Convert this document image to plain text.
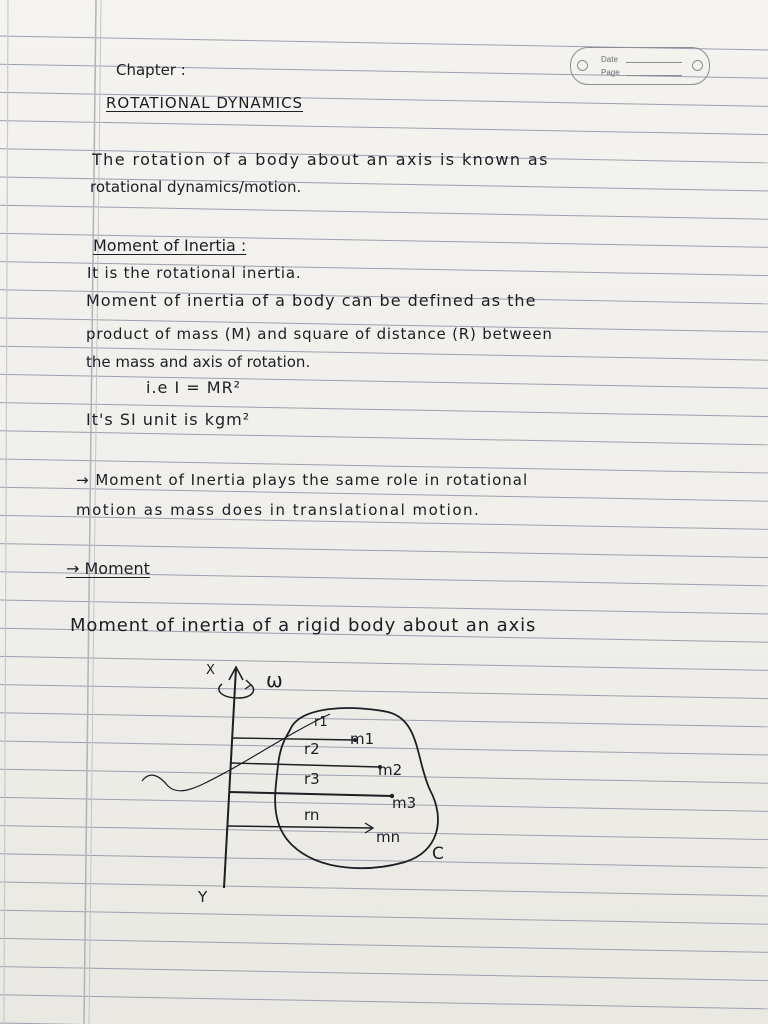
Chapter :
Date
Page
ROTATIONAL DYNAMICS
The rotation of a body about an axis is known as
rotational dynamics/motion.
Moment of Inertia :
It is the rotational inertia.
Moment of inertia of a body can be defined as the
product of mass (M) and square of distance (R) between
the mass and axis of rotation.
i.e I = MR²
It's SI unit is kgm²
→ Moment of Inertia plays the same role in rotational
motion as mass does in translational motion.
→ Moment
Moment of inertia of a rigid body about an axis
X
Y
ω
C
r1
r2
r3
rn
m1
m2
m3
mn
